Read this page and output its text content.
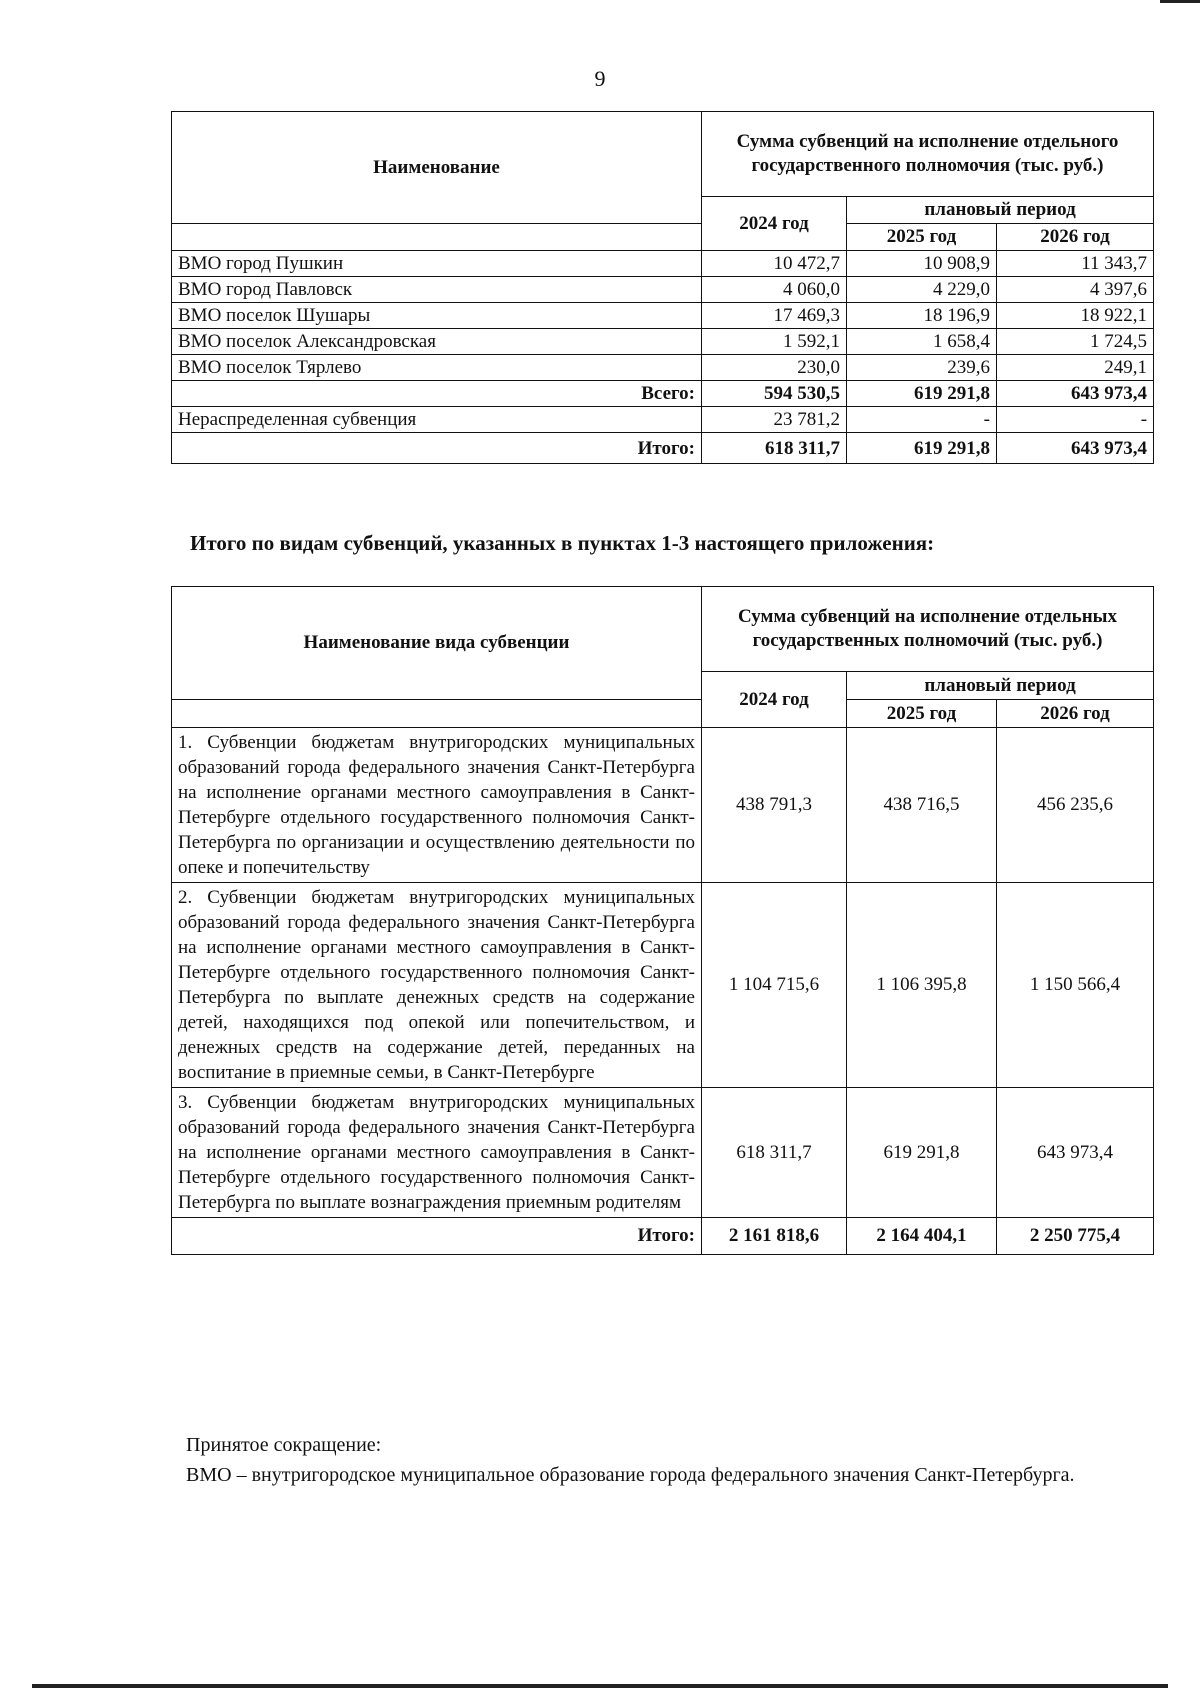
9
Наименование	Сумма субвенций на исполнение отдельного государственного полномочия (тыс. руб.)		
	2024 год	плановый период	
		2025 год	2026 год
ВМО город Пушкин	10 472,7	10 908,9	11 343,7
ВМО город Павловск	4 060,0	4 229,0	4 397,6
ВМО поселок Шушары	17 469,3	18 196,9	18 922,1
ВМО поселок Александровская	1 592,1	1 658,4	1 724,5
ВМО поселок Тярлево	230,0	239,6	249,1
Всего:	594 530,5	619 291,8	643 973,4
Нераспределенная субвенция	23 781,2	-	-
Итого:	618 311,7	619 291,8	643 973,4
Итого по видам субвенций, указанных в пунктах 1-3 настоящего приложения:
Наименование вида субвенции	Сумма субвенций на исполнение отдельных государственных полномочий (тыс. руб.)		
	2024 год	плановый период	
		2025 год	2026 год
1. Субвенции бюджетам внутригородских муниципальных образований города федерального значения Санкт-Петербурга на исполнение органами местного самоуправления в Санкт-Петербурге отдельного государственного полномочия Санкт-Петербурга по организации и осуществлению деятельности по опеке и попечительству	438 791,3	438 716,5	456 235,6
2. Субвенции бюджетам внутригородских муниципальных образований города федерального значения Санкт-Петербурга на исполнение органами местного самоуправления в Санкт-Петербурге отдельного государственного полномочия Санкт-Петербурга по выплате денежных средств на содержание детей, находящихся под опекой или попечительством, и денежных средств на содержание детей, переданных на воспитание в приемные семьи, в Санкт-Петербурге	1 104 715,6	1 106 395,8	1 150 566,4
3. Субвенции бюджетам внутригородских муниципальных образований города федерального значения Санкт-Петербурга на исполнение органами местного самоуправления в Санкт-Петербурге отдельного государственного полномочия Санкт-Петербурга по выплате вознаграждения приемным родителям	618 311,7	619 291,8	643 973,4
Итого:	2 161 818,6	2 164 404,1	2 250 775,4
Принятое сокращение:
ВМО – внутригородское муниципальное образование города федерального значения Санкт-Петербурга.
